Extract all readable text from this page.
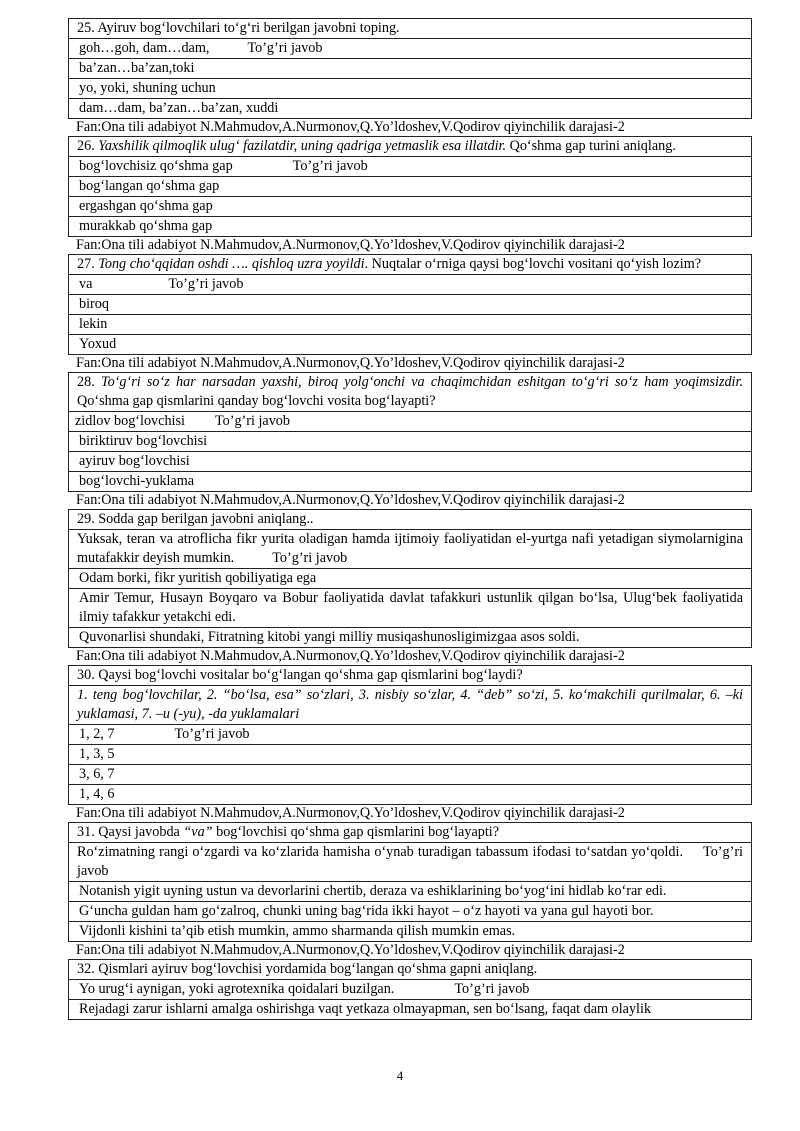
25. Ayiruv bog‘lovchilari to‘g‘ri berilgan javobni toping.
goh…goh, dam…dam,	To’g’ri javob
ba’zan…ba’zan,toki
yo, yoki, shuning uchun
dam…dam, ba’zan…ba’zan, xuddi
Fan:Ona tili adabiyot N.Mahmudov,A.Nurmonov,Q.Yo’ldoshev,V.Qodirov qiyinchilik darajasi-2
26. Yaxshilik qilmoqlik ulug‘ fazilatdir, uning qadriga yetmaslik esa illatdir. Qo‘shma gap turini aniqlang.
bog‘lovchisiz qo‘shma gap	To’g’ri javob
bog‘langan qo‘shma gap
ergashgan qo‘shma gap
murakkab qo‘shma gap
Fan:Ona tili adabiyot N.Mahmudov,A.Nurmonov,Q.Yo’ldoshev,V.Qodirov qiyinchilik darajasi-2
27. Tong cho‘qqidan oshdi …. qishloq uzra yoyildi. Nuqtalar o‘rniga qaysi bog‘lovchi vositani qo‘yish lozim?
va	To’g’ri javob
biroq
lekin
Yoxud
Fan:Ona tili adabiyot N.Mahmudov,A.Nurmonov,Q.Yo’ldoshev,V.Qodirov qiyinchilik darajasi-2
28. To‘g‘ri so‘z har narsadan yaxshi, biroq yolg‘onchi va chaqimchidan eshitgan to‘g‘ri so‘z ham yoqimsizdir. Qo‘shma gap qismlarini qanday bog‘lovchi vosita bog‘layapti?
zidlov bog‘lovchisi To’g’ri javob
biriktiruv bog‘lovchisi
ayiruv bog‘lovchisi
bog‘lovchi-yuklama
Fan:Ona tili adabiyot N.Mahmudov,A.Nurmonov,Q.Yo’ldoshev,V.Qodirov qiyinchilik darajasi-2
29. Sodda gap berilgan javobni aniqlang..
Yuksak, teran va atroflicha fikr yurita oladigan hamda ijtimoiy faoliyatidan el-yurtga nafi yetadigan siymolarnigina mutafakkir deyish mumkin.	To’g’ri javob
Odam borki, fikr yuritish qobiliyatiga ega
Amir Temur, Husayn Boyqaro va Bobur faoliyatida davlat tafakkuri ustunlik qilgan bo‘lsa, Ulug‘bek faoliyatida ilmiy tafakkur yetakchi edi.
Quvonarlisi shundaki, Fitratning kitobi yangi milliy musiqashunosligimizgaa asos soldi.
Fan:Ona tili adabiyot N.Mahmudov,A.Nurmonov,Q.Yo’ldoshev,V.Qodirov qiyinchilik darajasi-2
30. Qaysi bog‘lovchi vositalar bo‘g‘langan qo‘shma gap qismlarini bog‘laydi?
1. teng bog‘lovchilar, 2. “bo‘lsa, esa” so‘zlari, 3. nisbiy so‘zlar, 4. “deb” so‘zi, 5. ko‘makchili qurilmalar, 6. –ki yuklamasi, 7. –u (-yu), -da yuklamalari
1, 2, 7	To’g’ri javob
1, 3, 5
3, 6, 7
1, 4, 6
Fan:Ona tili adabiyot N.Mahmudov,A.Nurmonov,Q.Yo’ldoshev,V.Qodirov qiyinchilik darajasi-2
31. Qaysi javobda “va” bog‘lovchisi qo‘shma gap qismlarini bog‘layapti?
Ro‘zimatning rangi o‘zgardi va ko‘zlarida hamisha o‘ynab turadigan tabassum ifodasi to‘satdan yo‘qoldi. To’g’ri javob
Notanish yigit uyning ustun va devorlarini chertib, deraza va eshiklarining bo‘yog‘ini hidlab ko‘rar edi.
G‘uncha guldan ham go‘zalroq, chunki uning bag‘rida ikki hayot – o‘z hayoti va yana gul hayoti bor.
Vijdonli kishini ta’qib etish mumkin, ammo sharmanda qilish mumkin emas.
Fan:Ona tili adabiyot N.Mahmudov,A.Nurmonov,Q.Yo’ldoshev,V.Qodirov qiyinchilik darajasi-2
32. Qismlari ayiruv bog‘lovchisi yordamida bog‘langan qo‘shma gapni aniqlang.
Yo urug‘i aynigan, yoki agrotexnika qoidalari buzilgan.	To’g’ri javob
Rejadagi zarur ishlarni amalga oshirishga vaqt yetkaza olmayapman, sen bo‘lsang, faqat dam olaylik
4
